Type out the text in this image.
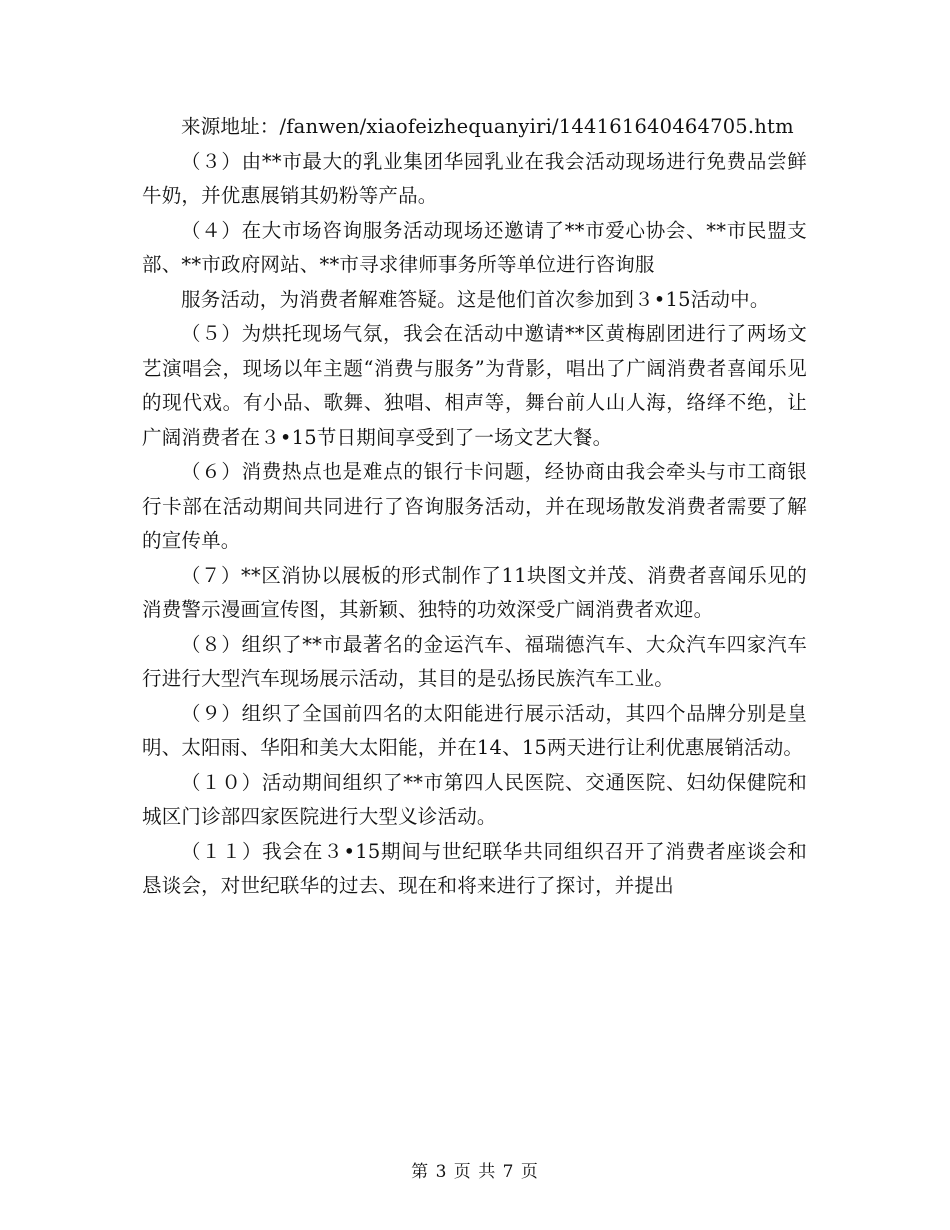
来源地址：/fanwen/xiaofeizhequanyiri/144161640464705.htm

（３）由**市最大的乳业集团华园乳业在我会活动现场进行免费品尝鲜牛奶，并优惠展销其奶粉等产品。

（４）在大市场咨询服务活动现场还邀请了**市爱心协会、**市民盟支部、**市政府网站、**市寻求律师事务所等单位进行咨询服

服务活动，为消费者解难答疑。这是他们首次参加到３•15活动中。

（５）为烘托现场气氛，我会在活动中邀请**区黄梅剧团进行了两场文艺演唱会，现场以年主题“消费与服务”为背影，唱出了广阔消费者喜闻乐见的现代戏。有小品、歌舞、独唱、相声等，舞台前人山人海，络绎不绝，让广阔消费者在３•15节日期间享受到了一场文艺大餐。

（６）消费热点也是难点的银行卡问题，经协商由我会牵头与市工商银行卡部在活动期间共同进行了咨询服务活动，并在现场散发消费者需要了解的宣传单。

（７）**区消协以展板的形式制作了11块图文并茂、消费者喜闻乐见的消费警示漫画宣传图，其新颖、独特的功效深受广阔消费者欢迎。

（８）组织了**市最著名的金运汽车、福瑞德汽车、大众汽车四家汽车行进行大型汽车现场展示活动，其目的是弘扬民族汽车工业。

（９）组织了全国前四名的太阳能进行展示活动，其四个品牌分别是皇明、太阳雨、华阳和美大太阳能，并在14、15两天进行让利优惠展销活动。

（１０）活动期间组织了**市第四人民医院、交通医院、妇幼保健院和城区门诊部四家医院进行大型义诊活动。

（１１）我会在３•15期间与世纪联华共同组织召开了消费者座谈会和恳谈会，对世纪联华的过去、现在和将来进行了探讨，并提出

第 3 页 共 7 页
